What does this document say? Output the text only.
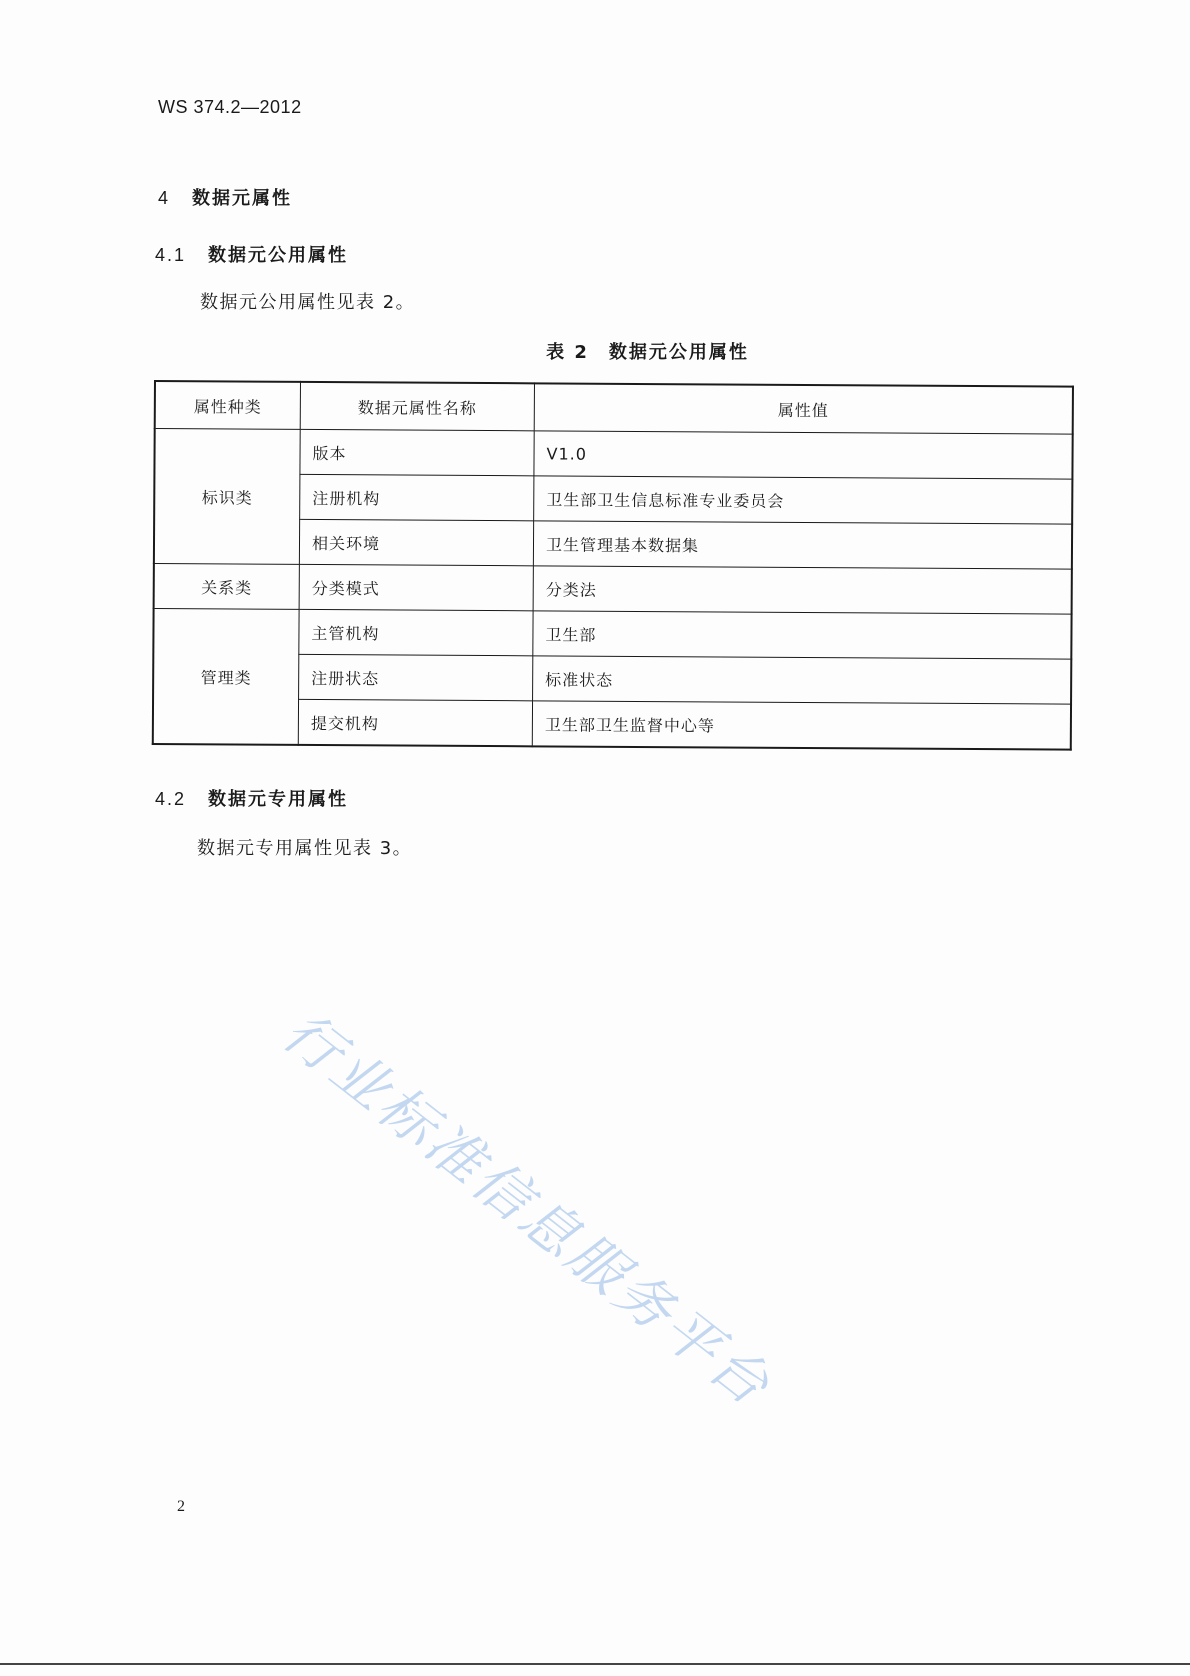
WS 374.2—2012
4 数据元属性
4.1 数据元公用属性
数据元公用属性见表 2。
表 2　数据元公用属性
属性种类	数据元属性名称	属性值
标识类	版本	V1.0
	注册机构	卫生部卫生信息标准专业委员会
	相关环境	卫生管理基本数据集
关系类	分类模式	分类法
管理类	主管机构	卫生部
	注册状态	标准状态
	提交机构	卫生部卫生监督中心等
4.2 数据元专用属性
数据元专用属性见表 3。
行业标准信息服务平台
2
